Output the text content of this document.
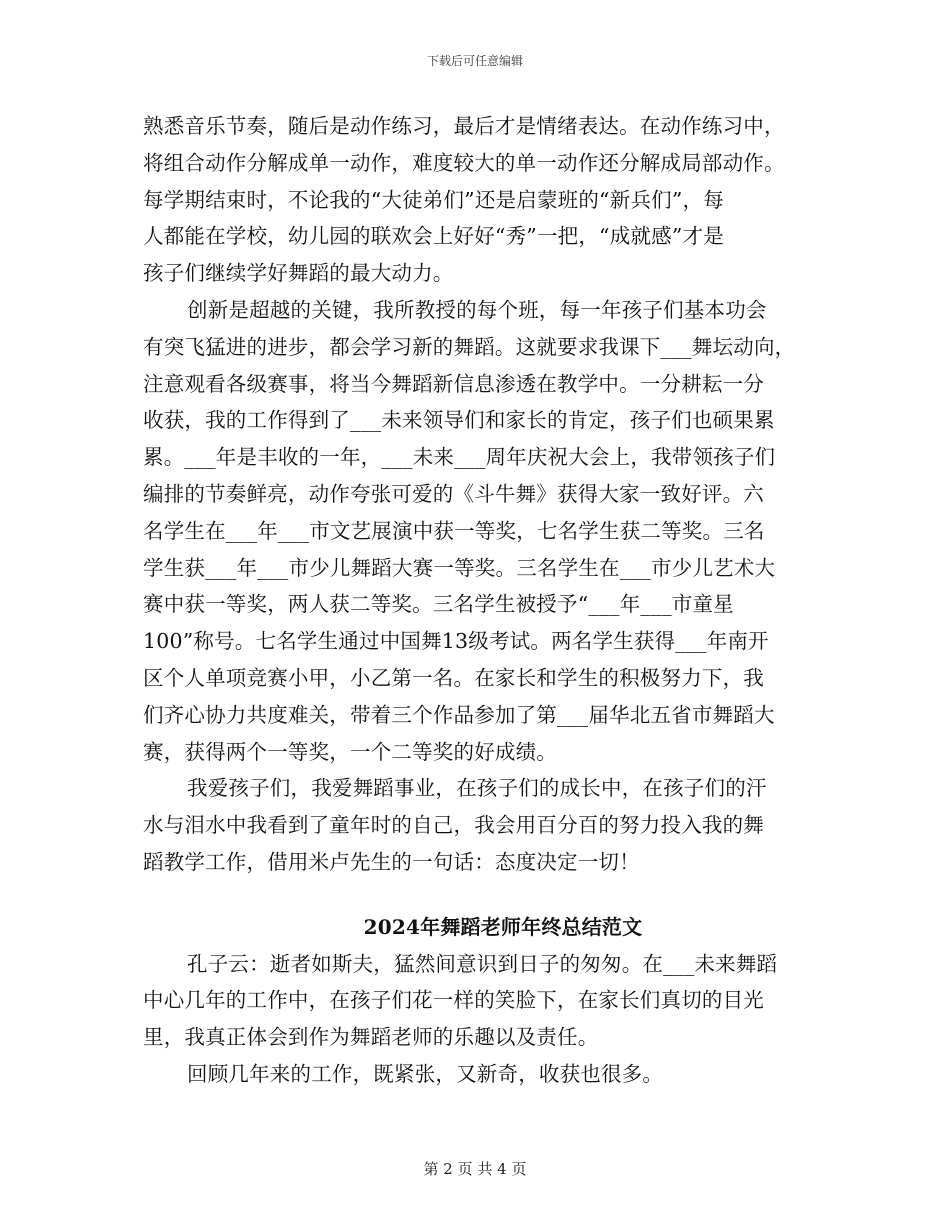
下载后可任意编辑
熟悉音乐节奏，随后是动作练习，最后才是情绪表达。在动作练习中，
将组合动作分解成单一动作，难度较大的单一动作还分解成局部动作。
每学期结束时，不论我的“大徒弟们”还是启蒙班的“新兵们”，每
人都能在学校，幼儿园的联欢会上好好“秀”一把，“成就感”才是
孩子们继续学好舞蹈的最大动力。
创新是超越的关键，我所教授的每个班，每一年孩子们基本功会
有突飞猛进的进步，都会学习新的舞蹈。这就要求我课下___舞坛动向，
注意观看各级赛事，将当今舞蹈新信息渗透在教学中。一分耕耘一分
收获，我的工作得到了___未来领导们和家长的肯定，孩子们也硕果累
累。___年是丰收的一年，___未来___周年庆祝大会上，我带领孩子们
编排的节奏鲜亮，动作夸张可爱的《斗牛舞》获得大家一致好评。六
名学生在___年___市文艺展演中获一等奖，七名学生获二等奖。三名
学生获___年___市少儿舞蹈大赛一等奖。三名学生在___市少儿艺术大
赛中获一等奖，两人获二等奖。三名学生被授予“___年___市童星
100”称号。七名学生通过中国舞13级考试。两名学生获得___年南开
区个人单项竞赛小甲，小乙第一名。在家长和学生的积极努力下，我
们齐心协力共度难关，带着三个作品参加了第___届华北五省市舞蹈大
赛，获得两个一等奖，一个二等奖的好成绩。
我爱孩子们，我爱舞蹈事业，在孩子们的成长中，在孩子们的汗
水与泪水中我看到了童年时的自己，我会用百分百的努力投入我的舞
蹈教学工作，借用米卢先生的一句话：态度决定一切！
2024年舞蹈老师年终总结范文
孔子云：逝者如斯夫，猛然间意识到日子的匆匆。在___未来舞蹈
中心几年的工作中，在孩子们花一样的笑脸下，在家长们真切的目光
里，我真正体会到作为舞蹈老师的乐趣以及责任。
回顾几年来的工作，既紧张，又新奇，收获也很多。
第 2 页 共 4 页
